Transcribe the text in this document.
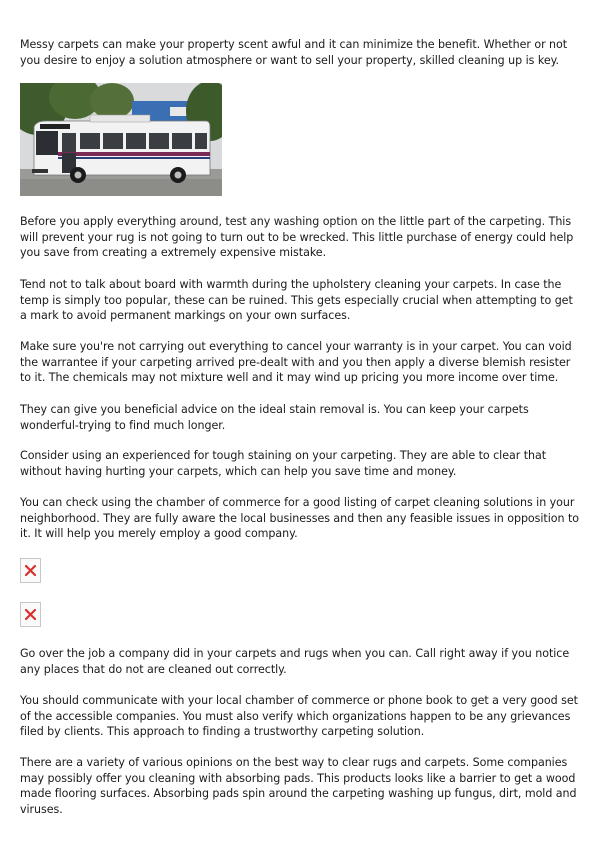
Messy carpets can make your property scent awful and it can minimize the benefit. Whether or not you desire to enjoy a solution atmosphere or want to sell your property, skilled cleaning up is key.

Before you apply everything around, test any washing option on the little part of the carpeting. This will prevent your rug is not going to turn out to be wrecked. This little purchase of energy could help you save from creating a extremely expensive mistake.

Tend not to talk about board with warmth during the upholstery cleaning your carpets. In case the temp is simply too popular, these can be ruined. This gets especially crucial when attempting to get a mark to avoid permanent markings on your own surfaces.

Make sure you're not carrying out everything to cancel your warranty is in your carpet. You can void the warrantee if your carpeting arrived pre-dealt with and you then apply a diverse blemish resister to it. The chemicals may not mixture well and it may wind up pricing you more income over time.

They can give you beneficial advice on the ideal stain removal is. You can keep your carpets wonderful-trying to find much longer.

Consider using an experienced for tough staining on your carpeting. They are able to clear that without having hurting your carpets, which can help you save time and money.

You can check using the chamber of commerce for a good listing of carpet cleaning solutions in your neighborhood. They are fully aware the local businesses and then any feasible issues in opposition to it. It will help you merely employ a good company.

Go over the job a company did in your carpets and rugs when you can. Call right away if you notice any places that do not are cleaned out correctly.

You should communicate with your local chamber of commerce or phone book to get a very good set of the accessible companies. You must also verify which organizations happen to be any grievances filed by clients. This approach to finding a trustworthy carpeting solution.

There are a variety of various opinions on the best way to clear rugs and carpets. Some companies may possibly offer you cleaning with absorbing pads. This products looks like a barrier to get a wood made flooring surfaces. Absorbing pads spin around the carpeting washing up fungus, dirt, mold and viruses.
